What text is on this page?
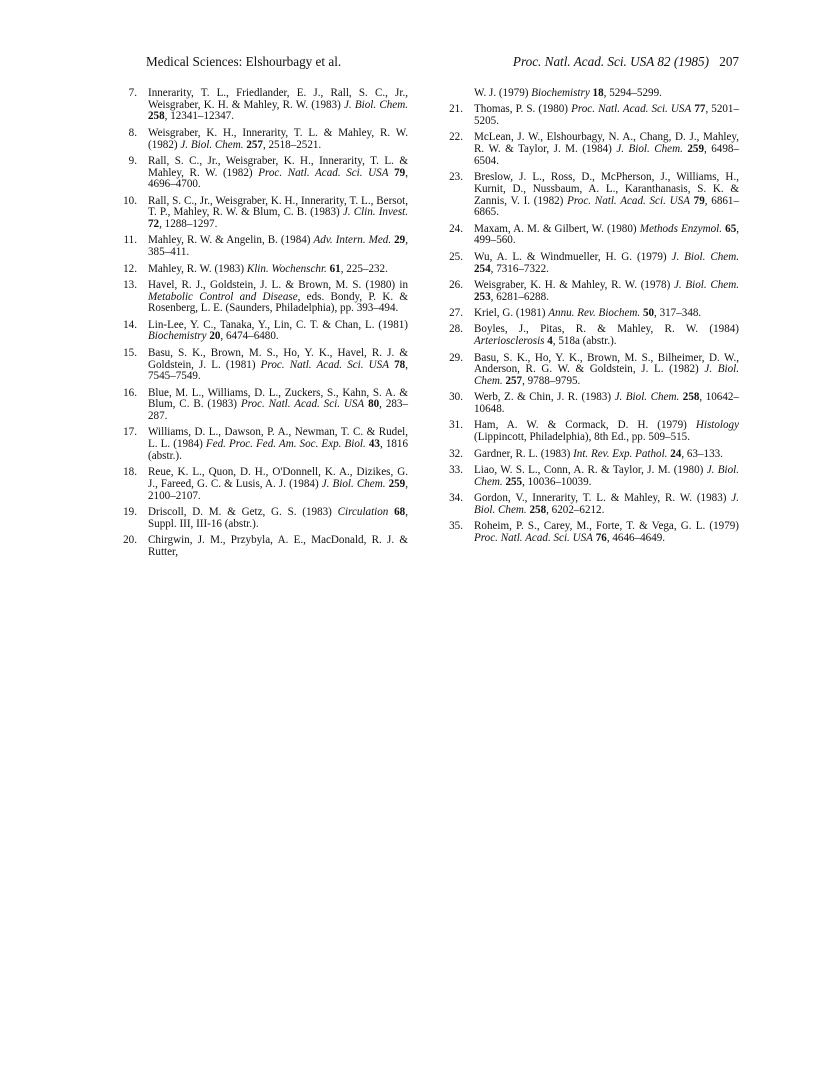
Medical Sciences: Elshourbagy et al.	Proc. Natl. Acad. Sci. USA 82 (1985) 207
7. Innerarity, T. L., Friedlander, E. J., Rall, S. C., Jr., Weisgraber, K. H. & Mahley, R. W. (1983) J. Biol. Chem. 258, 12341–12347.
8. Weisgraber, K. H., Innerarity, T. L. & Mahley, R. W. (1982) J. Biol. Chem. 257, 2518–2521.
9. Rall, S. C., Jr., Weisgraber, K. H., Innerarity, T. L. & Mahley, R. W. (1982) Proc. Natl. Acad. Sci. USA 79, 4696–4700.
10. Rall, S. C., Jr., Weisgraber, K. H., Innerarity, T. L., Bersot, T. P., Mahley, R. W. & Blum, C. B. (1983) J. Clin. Invest. 72, 1288–1297.
11. Mahley, R. W. & Angelin, B. (1984) Adv. Intern. Med. 29, 385–411.
12. Mahley, R. W. (1983) Klin. Wochenschr. 61, 225–232.
13. Havel, R. J., Goldstein, J. L. & Brown, M. S. (1980) in Metabolic Control and Disease, eds. Bondy, P. K. & Rosenberg, L. E. (Saunders, Philadelphia), pp. 393–494.
14. Lin-Lee, Y. C., Tanaka, Y., Lin, C. T. & Chan, L. (1981) Biochemistry 20, 6474–6480.
15. Basu, S. K., Brown, M. S., Ho, Y. K., Havel, R. J. & Goldstein, J. L. (1981) Proc. Natl. Acad. Sci. USA 78, 7545–7549.
16. Blue, M. L., Williams, D. L., Zuckers, S., Kahn, S. A. & Blum, C. B. (1983) Proc. Natl. Acad. Sci. USA 80, 283–287.
17. Williams, D. L., Dawson, P. A., Newman, T. C. & Rudel, L. L. (1984) Fed. Proc. Fed. Am. Soc. Exp. Biol. 43, 1816 (abstr.).
18. Reue, K. L., Quon, D. H., O'Donnell, K. A., Dizikes, G. J., Fareed, G. C. & Lusis, A. J. (1984) J. Biol. Chem. 259, 2100–2107.
19. Driscoll, D. M. & Getz, G. S. (1983) Circulation 68, Suppl. III, III-16 (abstr.).
20. Chirgwin, J. M., Przybyla, A. E., MacDonald, R. J. & Rutter,
W. J. (1979) Biochemistry 18, 5294–5299.
21. Thomas, P. S. (1980) Proc. Natl. Acad. Sci. USA 77, 5201–5205.
22. McLean, J. W., Elshourbagy, N. A., Chang, D. J., Mahley, R. W. & Taylor, J. M. (1984) J. Biol. Chem. 259, 6498–6504.
23. Breslow, J. L., Ross, D., McPherson, J., Williams, H., Kurnit, D., Nussbaum, A. L., Karanthanasis, S. K. & Zannis, V. I. (1982) Proc. Natl. Acad. Sci. USA 79, 6861–6865.
24. Maxam, A. M. & Gilbert, W. (1980) Methods Enzymol. 65, 499–560.
25. Wu, A. L. & Windmueller, H. G. (1979) J. Biol. Chem. 254, 7316–7322.
26. Weisgraber, K. H. & Mahley, R. W. (1978) J. Biol. Chem. 253, 6281–6288.
27. Kriel, G. (1981) Annu. Rev. Biochem. 50, 317–348.
28. Boyles, J., Pitas, R. & Mahley, R. W. (1984) Arteriosclerosis 4, 518a (abstr.).
29. Basu, S. K., Ho, Y. K., Brown, M. S., Bilheimer, D. W., Anderson, R. G. W. & Goldstein, J. L. (1982) J. Biol. Chem. 257, 9788–9795.
30. Werb, Z. & Chin, J. R. (1983) J. Biol. Chem. 258, 10642–10648.
31. Ham, A. W. & Cormack, D. H. (1979) Histology (Lippincott, Philadelphia), 8th Ed., pp. 509–515.
32. Gardner, R. L. (1983) Int. Rev. Exp. Pathol. 24, 63–133.
33. Liao, W. S. L., Conn, A. R. & Taylor, J. M. (1980) J. Biol. Chem. 255, 10036–10039.
34. Gordon, V., Innerarity, T. L. & Mahley, R. W. (1983) J. Biol. Chem. 258, 6202–6212.
35. Roheim, P. S., Carey, M., Forte, T. & Vega, G. L. (1979) Proc. Natl. Acad. Sci. USA 76, 4646–4649.
